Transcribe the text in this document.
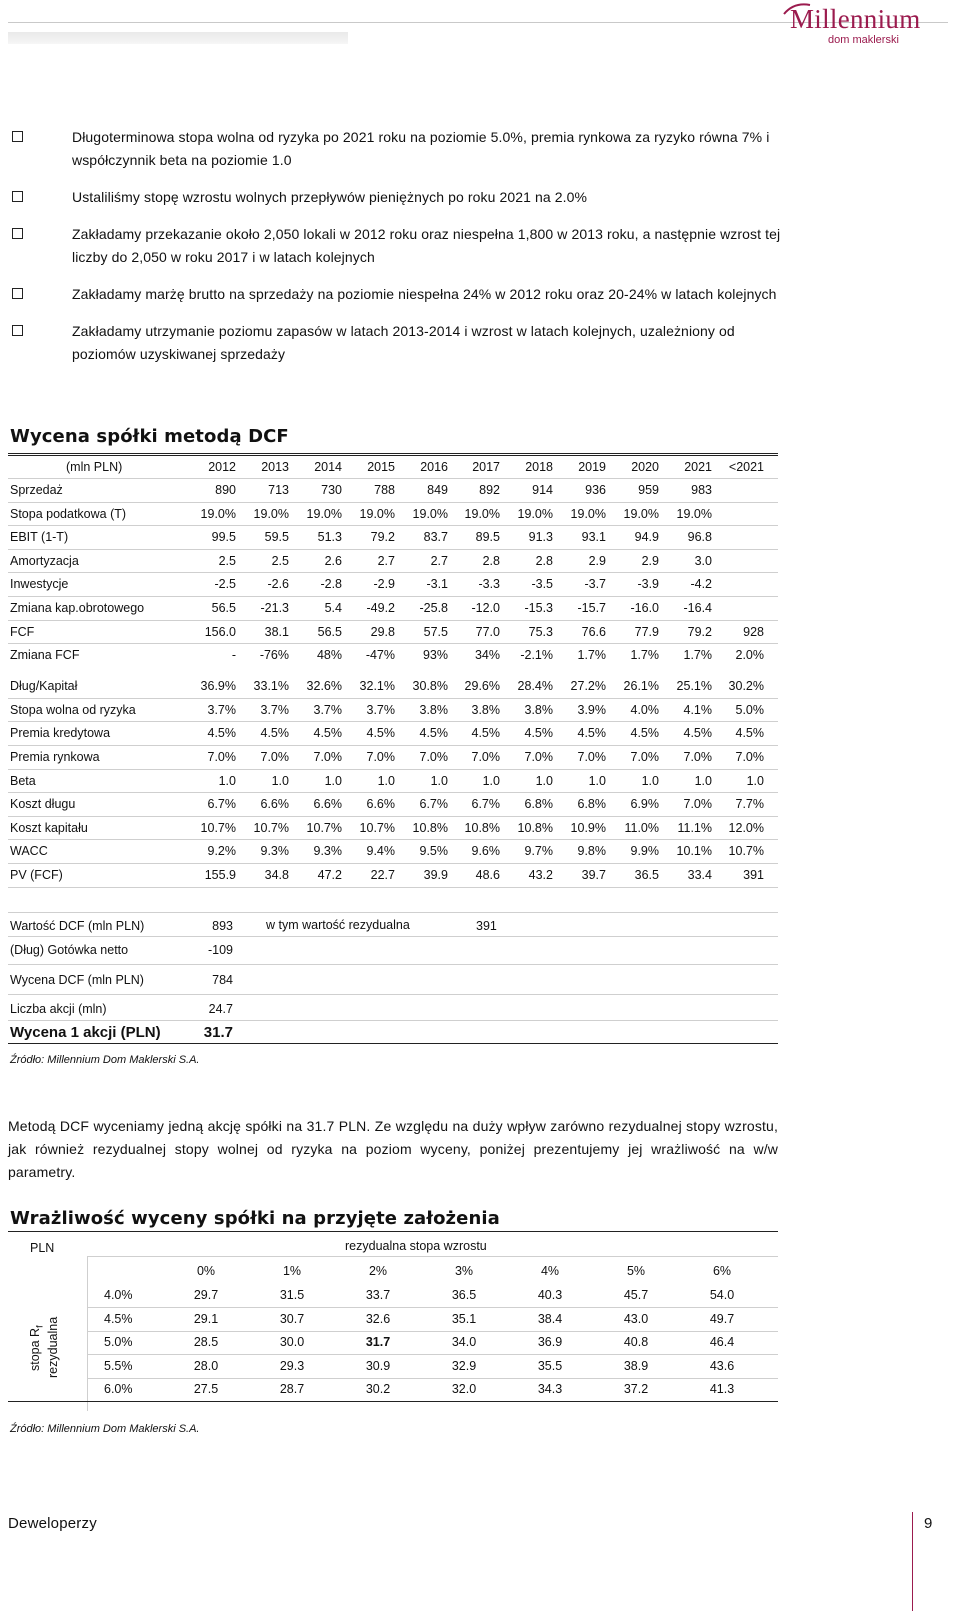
Millennium
dom maklerski
Długoterminowa stopa wolna od ryzyka po 2021 roku na poziomie 5.0%, premia rynkowa za ryzyko równa 7% i współczynnik beta na poziomie 1.0
Ustaliliśmy stopę wzrostu wolnych przepływów pieniężnych po roku 2021 na 2.0%
Zakładamy przekazanie około 2,050 lokali w 2012 roku oraz niespełna 1,800 w 2013 roku, a następnie wzrost tej liczby do 2,050 w roku 2017 i w latach kolejnych
Zakładamy marżę brutto na sprzedaży na poziomie niespełna 24% w 2012 roku oraz 20-24% w latach kolejnych
Zakładamy utrzymanie poziomu zapasów w latach 2013-2014 i wzrost w latach kolejnych, uzależniony od poziomów uzyskiwanej sprzedaży
Wycena spółki metodą DCF
(mln PLN)	2012	2013	2014	2015	2016	2017	2018	2019	2020	2021	<2021
Sprzedaż	890	713	730	788	849	892	914	936	959	983
Stopa podatkowa (T)	19.0%	19.0%	19.0%	19.0%	19.0%	19.0%	19.0%	19.0%	19.0%	19.0%
EBIT (1-T)	99.5	59.5	51.3	79.2	83.7	89.5	91.3	93.1	94.9	96.8
Amortyzacja	2.5	2.5	2.6	2.7	2.7	2.8	2.8	2.9	2.9	3.0
Inwestycje	-2.5	-2.6	-2.8	-2.9	-3.1	-3.3	-3.5	-3.7	-3.9	-4.2
Zmiana kap.obrotowego	56.5	-21.3	5.4	-49.2	-25.8	-12.0	-15.3	-15.7	-16.0	-16.4
FCF	156.0	38.1	56.5	29.8	57.5	77.0	75.3	76.6	77.9	79.2	928
Zmiana FCF	-	-76%	48%	-47%	93%	34%	-2.1%	1.7%	1.7%	1.7%	2.0%
Dług/Kapitał	36.9%	33.1%	32.6%	32.1%	30.8%	29.6%	28.4%	27.2%	26.1%	25.1%	30.2%
Stopa wolna od ryzyka	3.7%	3.7%	3.7%	3.7%	3.8%	3.8%	3.8%	3.9%	4.0%	4.1%	5.0%
Premia kredytowa	4.5%	4.5%	4.5%	4.5%	4.5%	4.5%	4.5%	4.5%	4.5%	4.5%	4.5%
Premia rynkowa	7.0%	7.0%	7.0%	7.0%	7.0%	7.0%	7.0%	7.0%	7.0%	7.0%	7.0%
Beta	1.0	1.0	1.0	1.0	1.0	1.0	1.0	1.0	1.0	1.0	1.0
Koszt długu	6.7%	6.6%	6.6%	6.6%	6.7%	6.7%	6.8%	6.8%	6.9%	7.0%	7.7%
Koszt kapitału	10.7%	10.7%	10.7%	10.7%	10.8%	10.8%	10.8%	10.9%	11.0%	11.1%	12.0%
WACC	9.2%	9.3%	9.3%	9.4%	9.5%	9.6%	9.7%	9.8%	9.9%	10.1%	10.7%
PV (FCF)	155.9	34.8	47.2	22.7	39.9	48.6	43.2	39.7	36.5	33.4	391
Wartość DCF (mln PLN)	893	w tym wartość rezydualna	391
(Dług) Gotówka netto	-109
Wycena DCF (mln PLN)	784
Liczba akcji (mln)	24.7
Wycena 1 akcji (PLN)	31.7
Źródło: Millennium Dom Maklerski S.A.
Metodą DCF wyceniamy jedną akcję spółki na 31.7 PLN. Ze względu na duży wpływ zarówno rezydualnej stopy wzrostu, jak również rezydualnej stopy wolnej od ryzyka na poziom wyceny, poniżej prezentujemy jej wrażliwość na w/w parametry.
Wrażliwość wyceny spółki na przyjęte założenia
PLN	rezydualna stopa wzrostu
stopa $R_f$ rezydualna
0%	1%	2%	3%	4%	5%	6%
4.0%	29.7	31.5	33.7	36.5	40.3	45.7	54.0
4.5%	29.1	30.7	32.6	35.1	38.4	43.0	49.7
5.0%	28.5	30.0	31.7	34.0	36.9	40.8	46.4
5.5%	28.0	29.3	30.9	32.9	35.5	38.9	43.6
6.0%	27.5	28.7	30.2	32.0	34.3	37.2	41.3
Źródło: Millennium Dom Maklerski S.A.
Deweloperzy	9
